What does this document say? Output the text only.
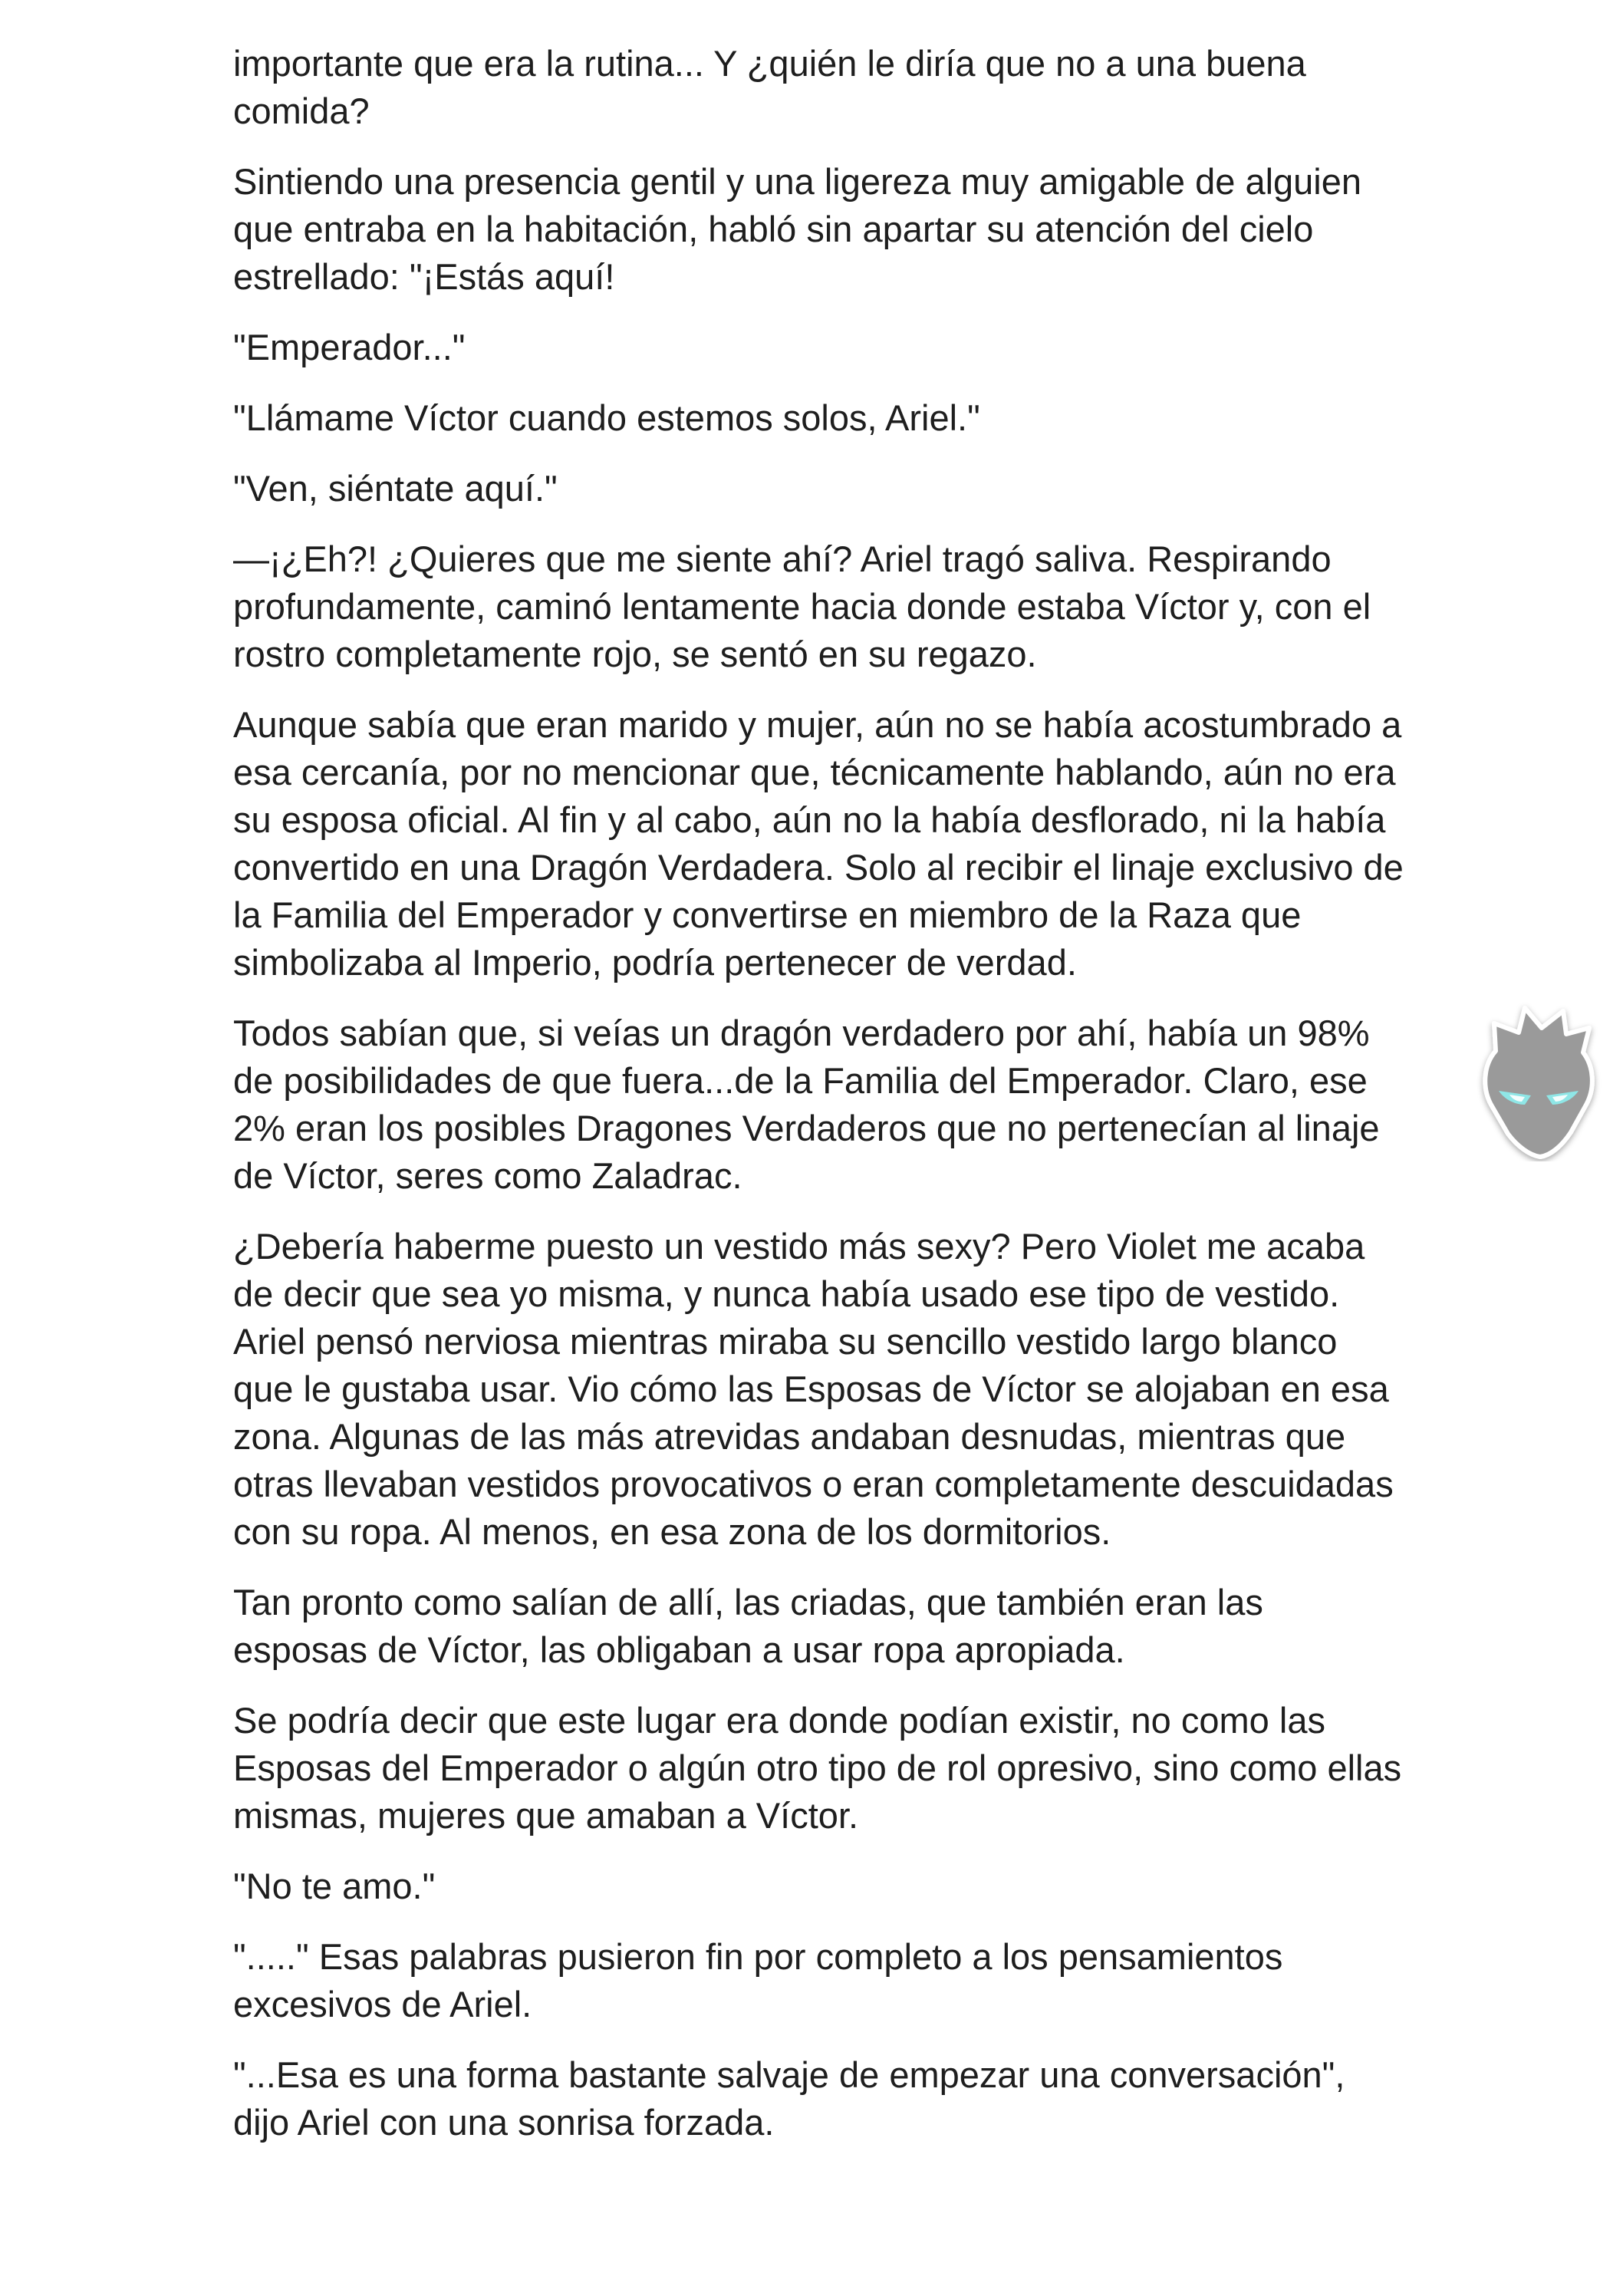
importante que era la rutina... Y ¿quién le diría que no a una buena comida?

Sintiendo una presencia gentil y una ligereza muy amigable de alguien que entraba en la habitación, habló sin apartar su atención del cielo estrellado: "¡Estás aquí!

"Emperador..."

"Llámame Víctor cuando estemos solos, Ariel."

"Ven, siéntate aquí."

—¡¿Eh?! ¿Quieres que me siente ahí? Ariel tragó saliva. Respirando profundamente, caminó lentamente hacia donde estaba Víctor y, con el rostro completamente rojo, se sentó en su regazo.

Aunque sabía que eran marido y mujer, aún no se había acostumbrado a esa cercanía, por no mencionar que, técnicamente hablando, aún no era su esposa oficial. Al fin y al cabo, aún no la había desflorado, ni la había convertido en una Dragón Verdadera. Solo al recibir el linaje exclusivo de la Familia del Emperador y convertirse en miembro de la Raza que simbolizaba al Imperio, podría pertenecer de verdad.

Todos sabían que, si veías un dragón verdadero por ahí, había un 98% de posibilidades de que fuera...de la Familia del Emperador. Claro, ese 2% eran los posibles Dragones Verdaderos que no pertenecían al linaje de Víctor, seres como Zaladrac.

¿Debería haberme puesto un vestido más sexy? Pero Violet me acaba de decir que sea yo misma, y nunca había usado ese tipo de vestido. Ariel pensó nerviosa mientras miraba su sencillo vestido largo blanco que le gustaba usar. Vio cómo las Esposas de Víctor se alojaban en esa zona. Algunas de las más atrevidas andaban desnudas, mientras que otras llevaban vestidos provocativos o eran completamente descuidadas con su ropa. Al menos, en esa zona de los dormitorios.

Tan pronto como salían de allí, las criadas, que también eran las esposas de Víctor, las obligaban a usar ropa apropiada.

Se podría decir que este lugar era donde podían existir, no como las Esposas del Emperador o algún otro tipo de rol opresivo, sino como ellas mismas, mujeres que amaban a Víctor.

"No te amo."

"....." Esas palabras pusieron fin por completo a los pensamientos excesivos de Ariel.

"...Esa es una forma bastante salvaje de empezar una conversación", dijo Ariel con una sonrisa forzada.
